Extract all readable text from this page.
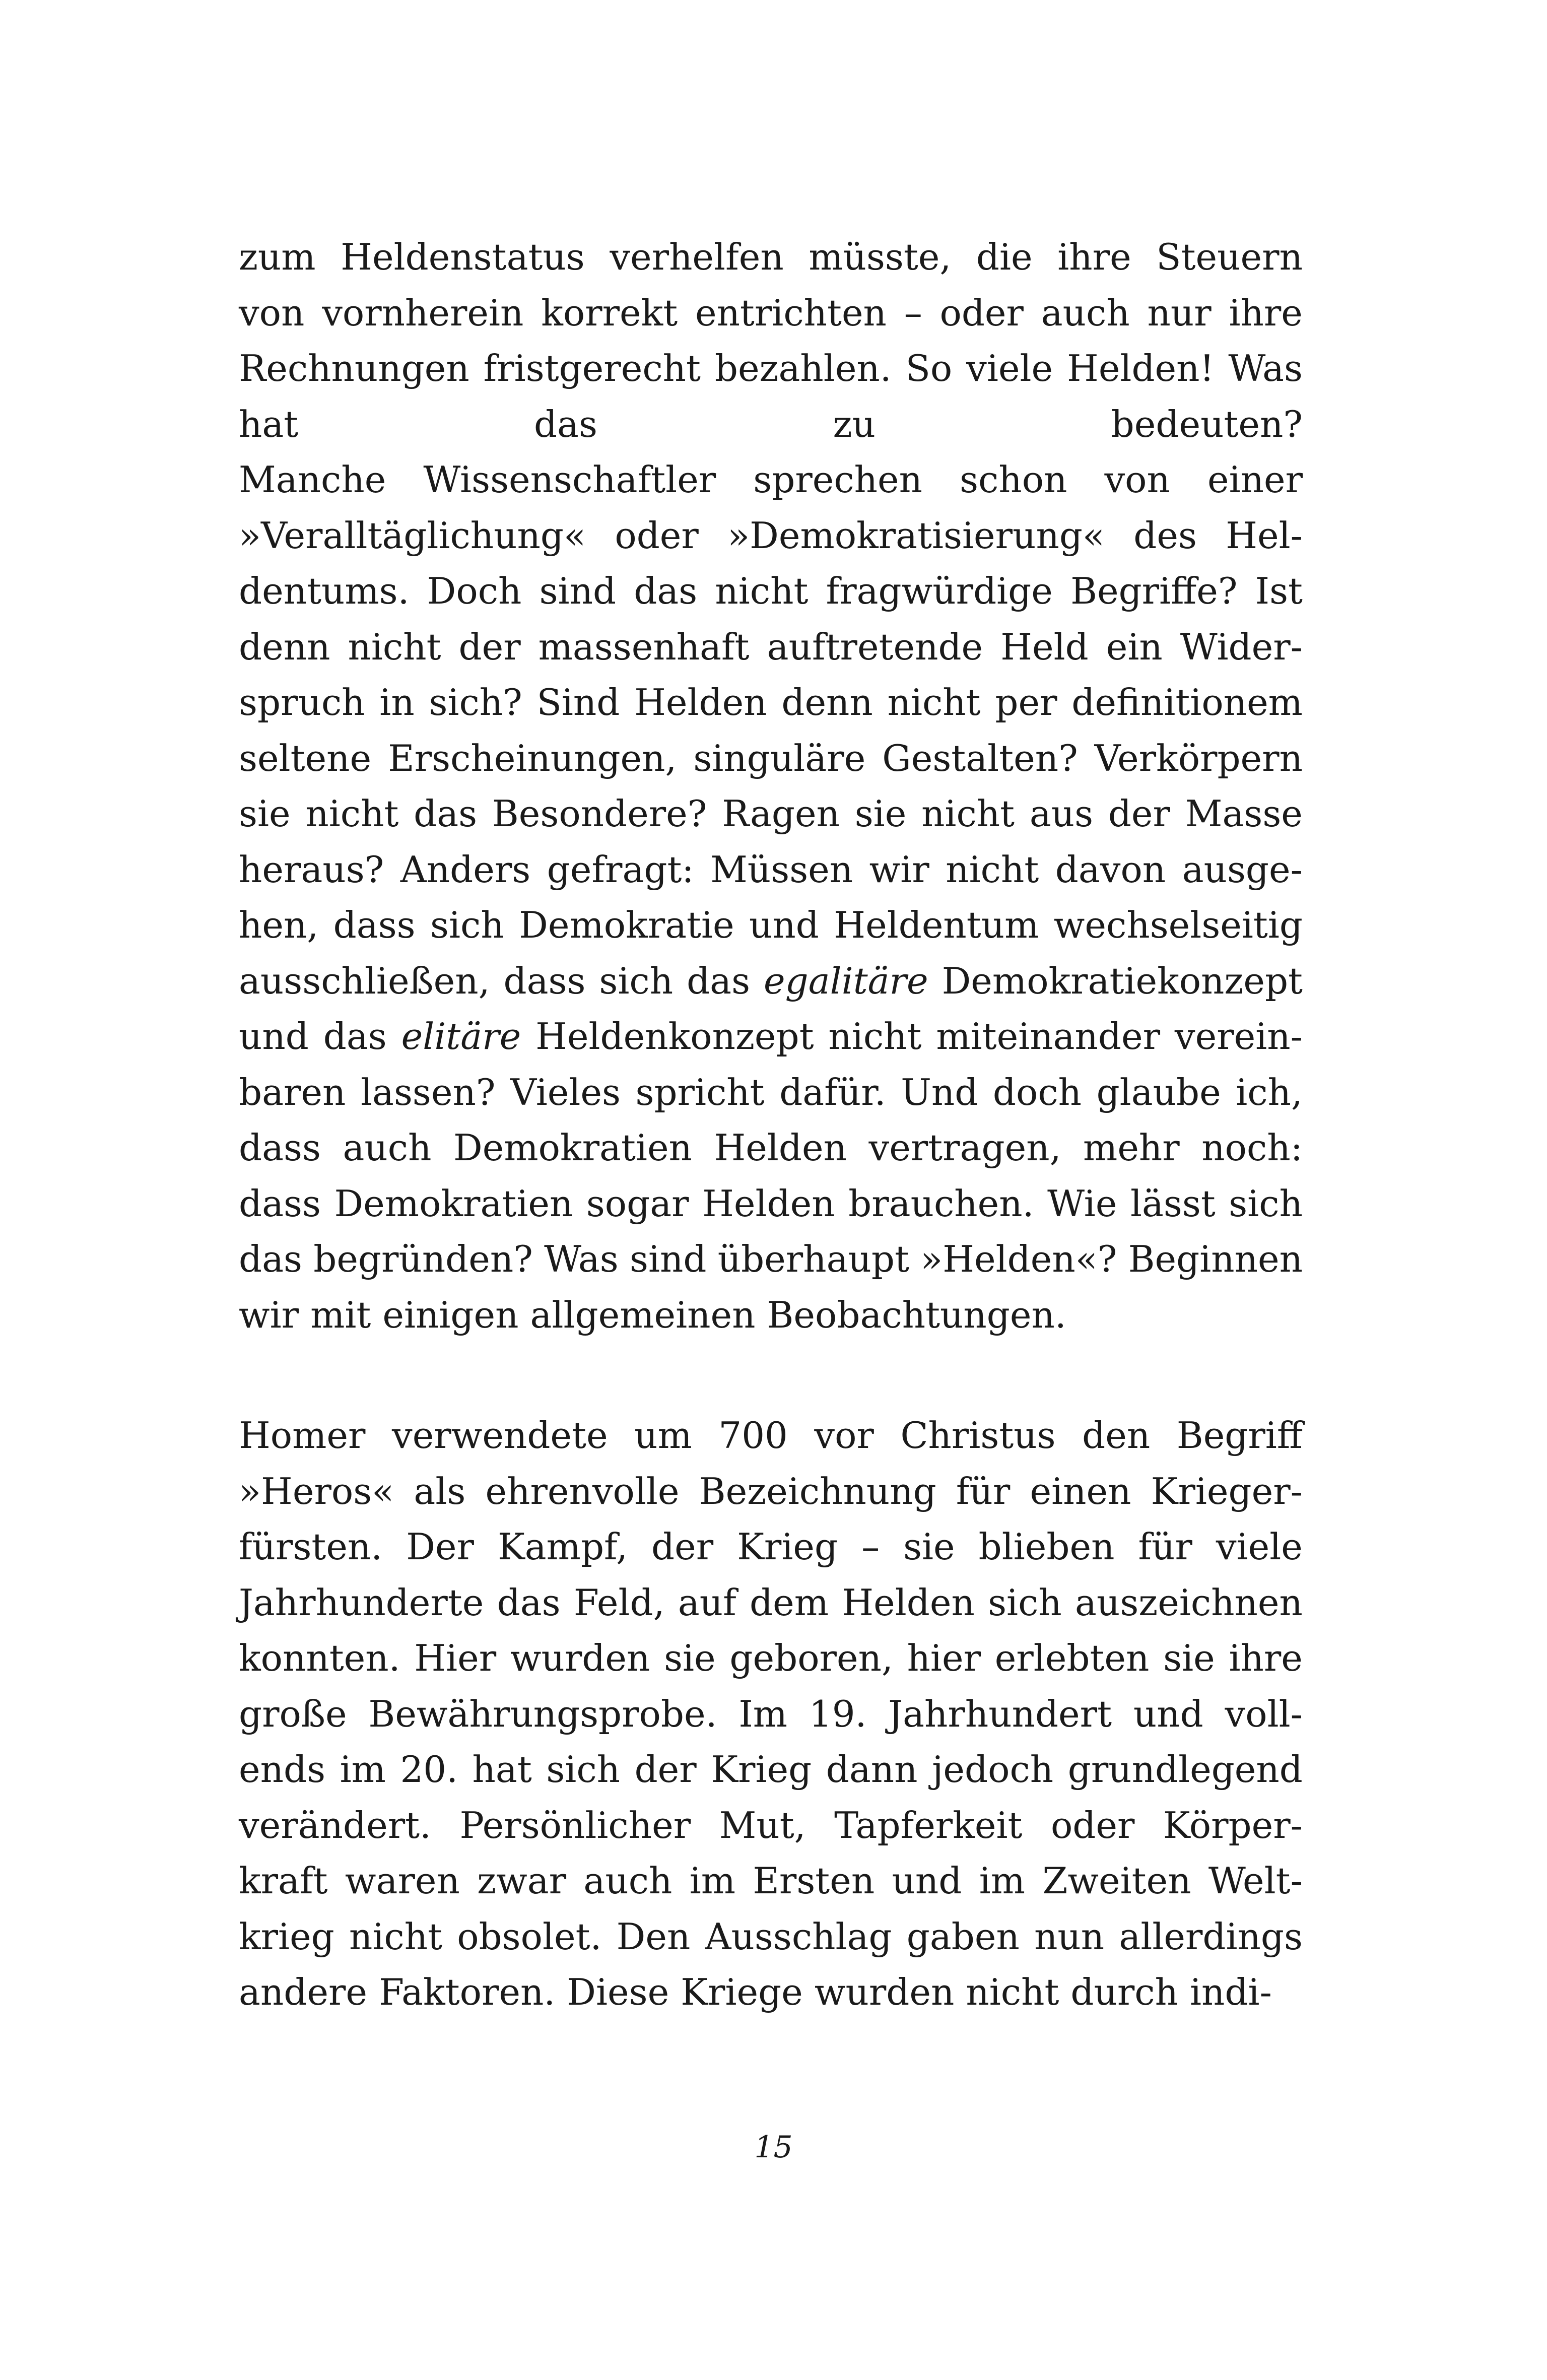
zum Heldenstatus verhelfen müsste, die ihre Steuern
von vornherein korrekt entrichten – oder auch nur ihre
Rechnungen fristgerecht bezahlen. So viele Helden! Was
hat	das	zu	bedeuten?
Manche Wissenschaftler sprechen schon von einer
»Veralltäglichung« oder »Demokratisierung« des Hel-
dentums. Doch sind das nicht fragwürdige Begriffe? Ist
denn nicht der massenhaft auftretende Held ein Wider-
spruch in sich? Sind Helden denn nicht per definitionem
seltene Erscheinungen, singuläre Gestalten? Verkörpern
sie nicht das Besondere? Ragen sie nicht aus der Masse
heraus? Anders gefragt: Müssen wir nicht davon ausge-
hen, dass sich Demokratie und Heldentum wechselseitig
ausschließen, dass sich das egalitäre Demokratiekonzept
und das elitäre Heldenkonzept nicht miteinander verein-
baren lassen? Vieles spricht dafür. Und doch glaube ich,
dass auch Demokratien Helden vertragen, mehr noch:
dass Demokratien sogar Helden brauchen. Wie lässt sich
das begründen? Was sind überhaupt »Helden«? Beginnen
wir mit einigen allgemeinen Beobachtungen.
Homer verwendete um 700 vor Christus den Begriff
»Heros« als ehrenvolle Bezeichnung für einen Krieger-
fürsten. Der Kampf, der Krieg – sie blieben für viele
Jahrhunderte das Feld, auf dem Helden sich auszeichnen
konnten. Hier wurden sie geboren, hier erlebten sie ihre
große Bewährungsprobe. Im 19. Jahrhundert und voll-
ends im 20. hat sich der Krieg dann jedoch grundlegend
verändert. Persönlicher Mut, Tapferkeit oder Körper-
kraft waren zwar auch im Ersten und im Zweiten Welt-
krieg nicht obsolet. Den Ausschlag gaben nun allerdings
andere Faktoren. Diese Kriege wurden nicht durch indi-
15
